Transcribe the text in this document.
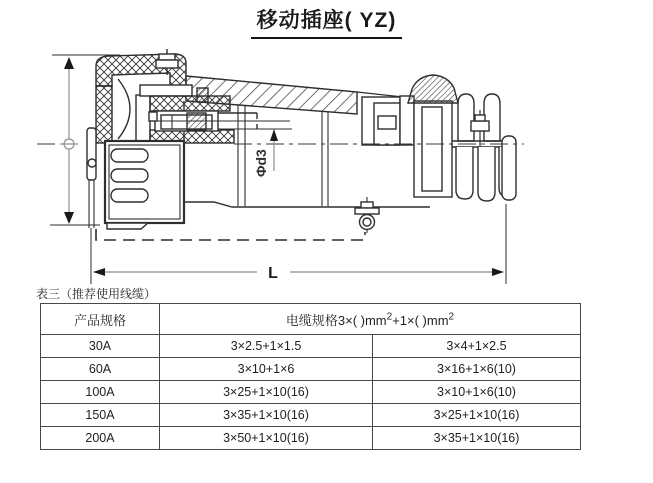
移动插座( YZ)
Φd3
L
表三（推荐使用线缆）
产品规格	电缆规格3×( )$mm^2+1\times$( )$mm^2$
30A	3×2.5+1×1.5	3×4+1×2.5
60A	3×10+1×6	3×16+1×6(10)
100A	3×25+1×10(16)	3×10+1×6(10)
150A	3×35+1×10(16)	3×25+1×10(16)
200A	3×50+1×10(16)	3×35+1×10(16)
